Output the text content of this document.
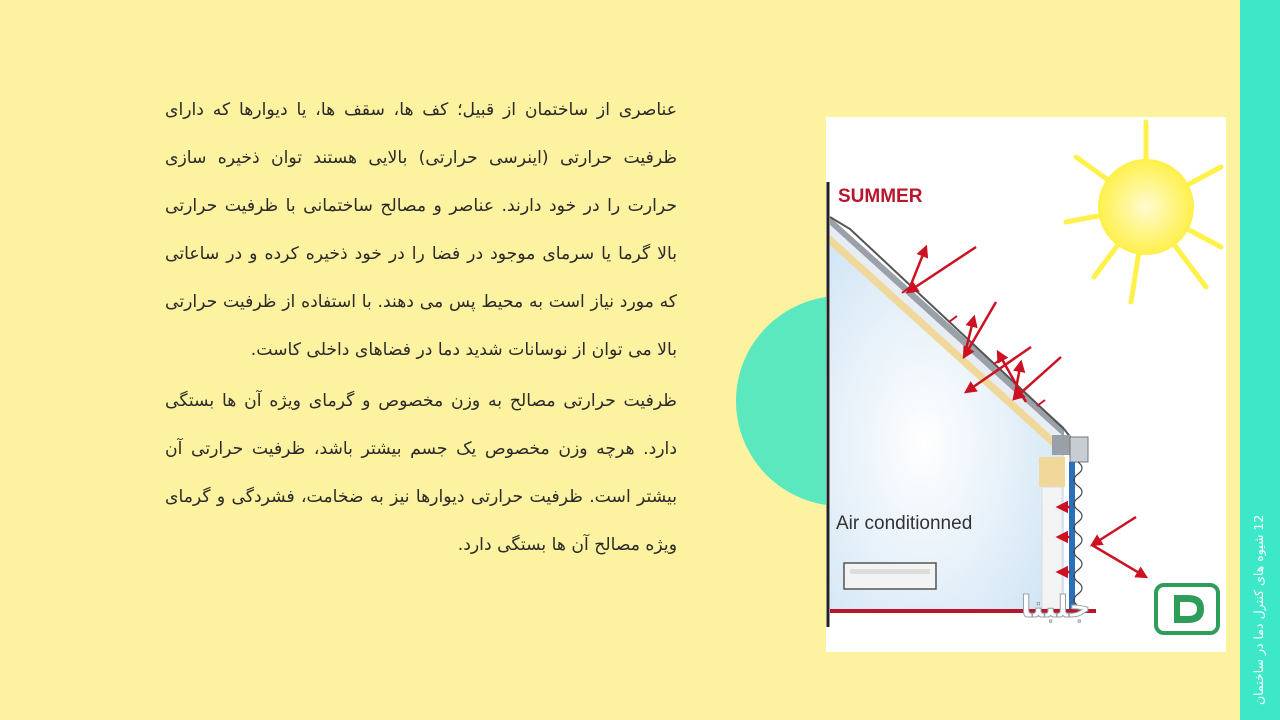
عناصری از ساختمان از قبیل؛ کف ها، سقف ها، یا دیوارها که دارای ظرفیت حرارتی (اینرسی حرارتی) بالایی هستند توان ذخیره سازی حرارت را در خود دارند. عناصر و مصالح ساختمانی با ظرفیت حرارتی بالا گرما یا سرمای موجود در فضا را در خود ذخیره کرده و در ساعاتی که مورد نیاز است به محیط پس می دهند. با استفاده از ظرفیت حرارتی بالا می توان از نوسانات شدید دما در فضاهای داخلی کاست.

ظرفیت حرارتی مصالح به وزن مخصوص و گرمای ویژه آن ها بستگی دارد. هرچه وزن مخصوص یک جسم بیشتر باشد، ظرفیت حرارتی آن بیشتر است. ظرفیت حرارتی دیوارها نیز به ضخامت، فشردگی و گرمای ویژه مصالح آن ها بستگی دارد.

SUMMER
Air conditionned
جلبنا
12 شیوه های کنترل دما در ساختمان
